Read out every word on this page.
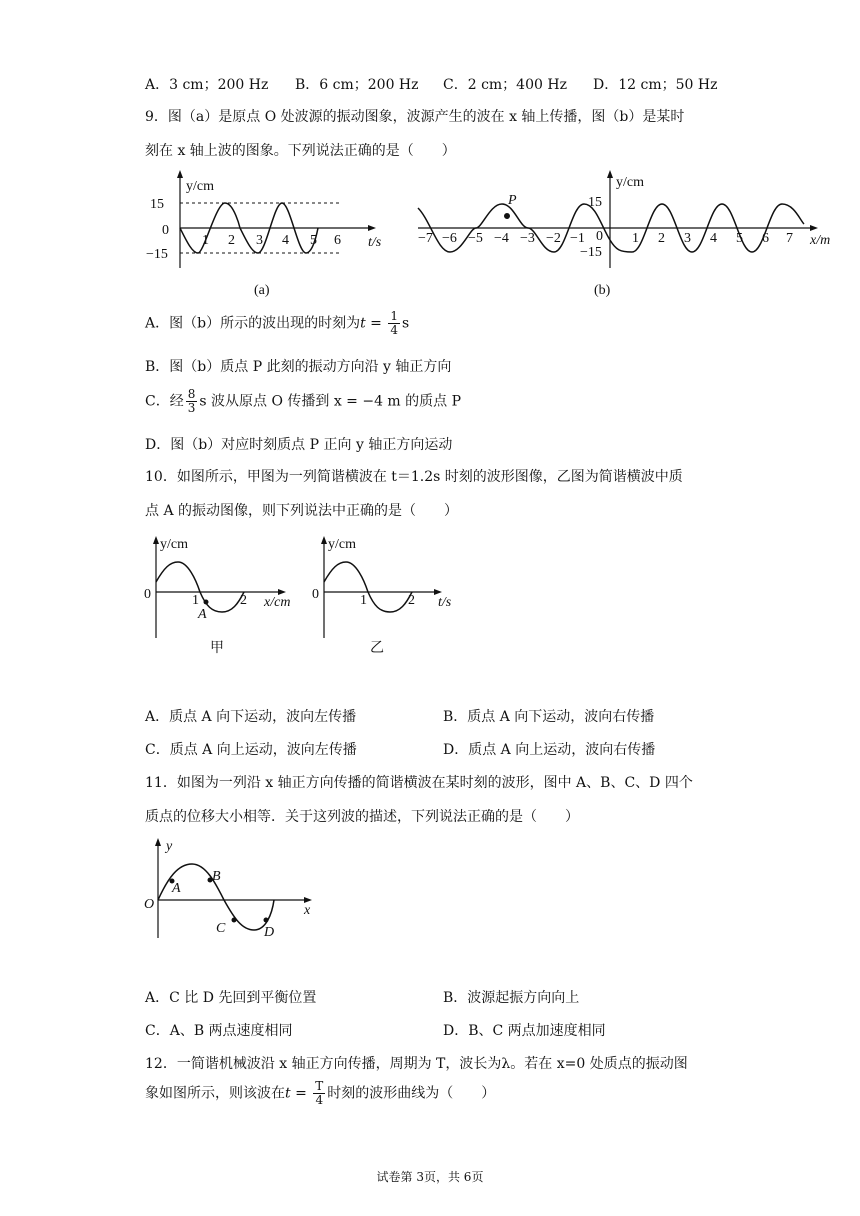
A．3 cm；200 Hz B．6 cm；200 Hz C．2 cm；400 Hz D．12 cm；50 Hz
9．图（a）是原点 O 处波源的振动图象，波源产生的波在 x 轴上传播，图（b）是某时
刻在 x 轴上波的图象。下列说法正确的是（　　）
y/cm
15
0
−15
1 2 3 4 5 6 t/s
(a)
P
y/cm
15
0
−15
−7 −6 −5 −4 −3 −2 −1	1 2 3 4 5 6 7 x/m
(b)
A．图（b）所示的波出现的时刻为$t = \frac{1}{4}$ s
B．图（b）质点 P 此刻的振动方向沿 y 轴正方向
C．经 $\frac{8}{3}$ s 波从原点 O 传播到 x = −4 m 的质点 P
D．图（b）对应时刻质点 P 正向 y 轴正方向运动
10．如图所示，甲图为一列简谐横波在 t＝1.2s 时刻的波形图像，乙图为简谐横波中质
点 A 的振动图像，则下列说法中正确的是（　　）
y/cm
0	1	2
A
x/cm
甲
y/cm
0	1	2 t/s
乙
A．质点 A 向下运动，波向左传播	B．质点 A 向下运动，波向右传播
C．质点 A 向上运动，波向左传播	D．质点 A 向上运动，波向右传播
11．如图为一列沿 x 轴正方向传播的简谐横波在某时刻的波形，图中 A、B、C、D 四个
质点的位移大小相等．关于这列波的描述，下列说法正确的是（　　）
y
O
A
B
C	D
x
A．C 比 D 先回到平衡位置	B．波源起振方向向上
C．A、B 两点速度相同	D．B、C 两点加速度相同
12．一简谐机械波沿 x 轴正方向传播，周期为 T，波长为λ。若在 x=0 处质点的振动图
象如图所示，则该波在$t = \frac{T}{4}$ 时刻的波形曲线为（　　）
试卷第 3页，共 6页
